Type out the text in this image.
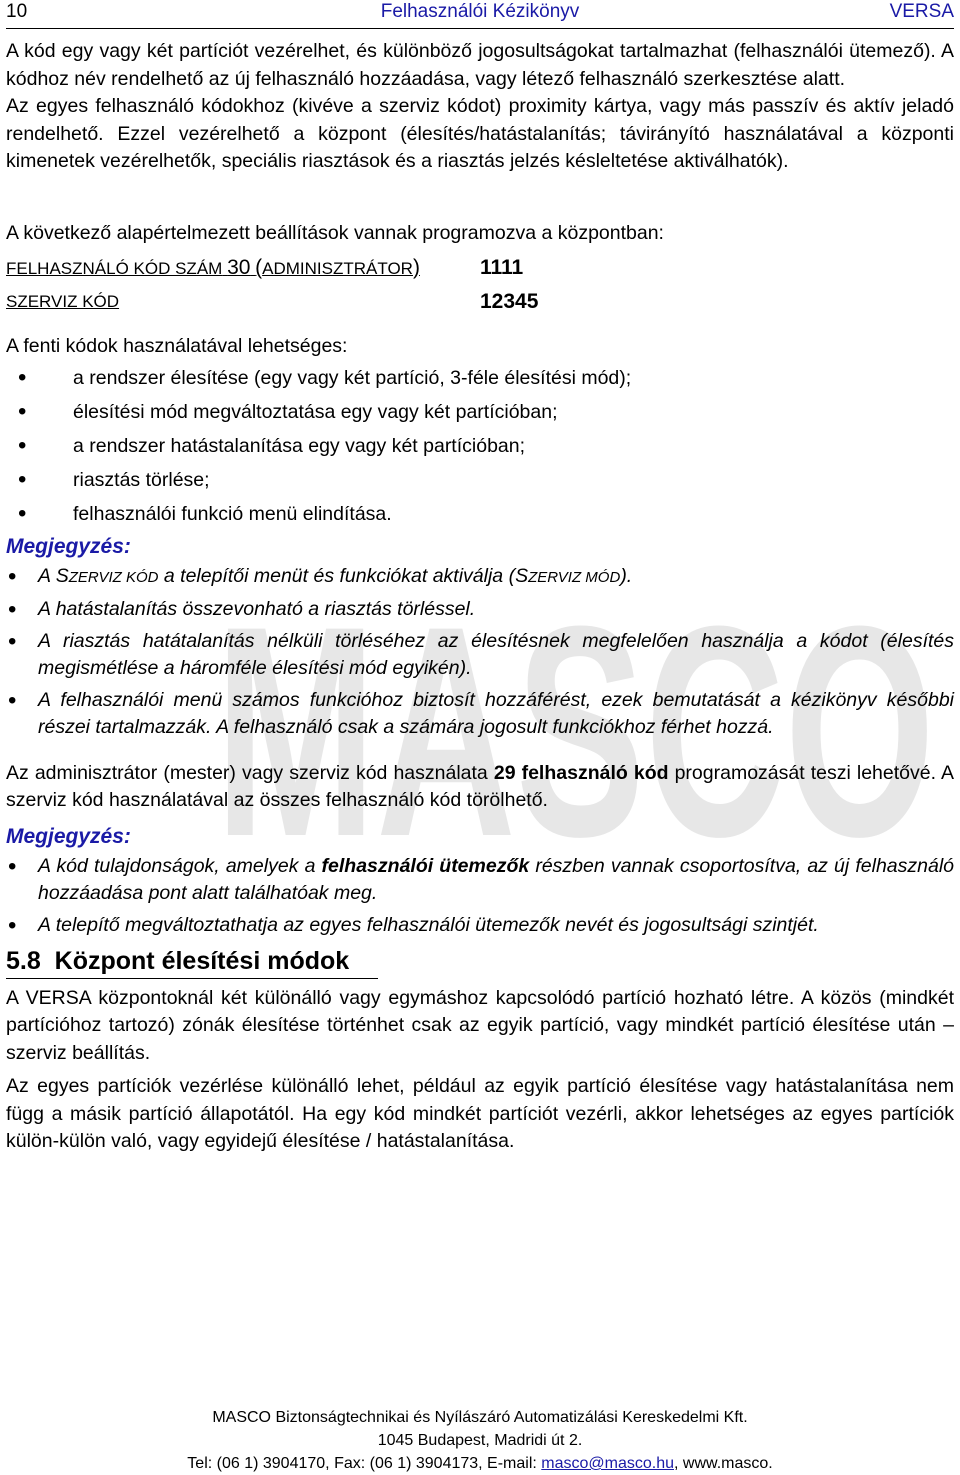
MASCO
10	Felhasználói Kézikönyv	VERSA

A kód egy vagy két partíciót vezérelhet, és különböző jogosultságokat tartalmazhat (felhasználói ütemező). A kódhoz név rendelhető az új felhasználó hozzáadása, vagy létező felhasználó szerkesztése alatt.

Az egyes felhasználó kódokhoz (kivéve a szerviz kódot) proximity kártya, vagy más passzív és aktív jeladó rendelhető. Ezzel vezérelhető a központ (élesítés/hatástalanítás; távirányító használatával a központi kimenetek vezérelhetők, speciális riasztások és a riasztás jelzés késleltetése aktiválhatók).

A következő alapértelmezett beállítások vannak programozva a központban:

FELHASZNÁLÓ KÓD SZÁM 30 (ADMINISZTRÁTOR)	1111
SZERVIZ KÓD	12345

A fenti kódok használatával lehetséges:

• a rendszer élesítése (egy vagy két partíció, 3-féle élesítési mód);
• élesítési mód megváltoztatása egy vagy két partícióban;
• a rendszer hatástalanítása egy vagy két partícióban;
• riasztás törlése;
• felhasználói funkció menü elindítása.
Megjegyzés:
• A SZERVIZ KÓD a telepítői menüt és funkciókat aktiválja (SZERVIZ MÓD).
• A hatástalanítás összevonható a riasztás törléssel.
• A riasztás hatátalanítás nélküli törléséhez az élesítésnek megfelelően használja a kódot (élesítés megismétlése a háromféle élesítési mód egyikén).
• A felhasználói menü számos funkcióhoz biztosít hozzáférést, ezek bemutatását a kézikönyv későbbi részei tartalmazzák. A felhasználó csak a számára jogosult funkciókhoz férhet hozzá.

Az adminisztrátor (mester) vagy szerviz kód használata 29 felhasználó kód programozását teszi lehetővé. A szerviz kód használatával az összes felhasználó kód törölhető.

Megjegyzés:
• A kód tulajdonságok, amelyek a felhasználói ütemezők részben vannak csoportosítva, az új felhasználó hozzáadása pont alatt találhatóak meg.
• A telepítő megváltoztathatja az egyes felhasználói ütemezők nevét és jogosultsági szintjét.
5.8 Központ élesítési módok

A VERSA központoknál két különálló vagy egymáshoz kapcsolódó partíció hozható létre. A közös (mindkét partícióhoz tartozó) zónák élesítése történhet csak az egyik partíció, vagy mindkét partíció élesítése után – szerviz beállítás.

Az egyes partíciók vezérlése különálló lehet, például az egyik partíció élesítése vagy hatástalanítása nem függ a másik partíció állapotától. Ha egy kód mindkét partíciót vezérli, akkor lehetséges az egyes partíciók külön-külön való, vagy egyidejű élesítése / hatástalanítása.

MASCO Biztonságtechnikai és Nyílászáró Automatizálási Kereskedelmi Kft.
1045 Budapest, Madridi út 2.
Tel: (06 1) 3904170, Fax: (06 1) 3904173, E-mail: masco@masco.hu, www.masco.
